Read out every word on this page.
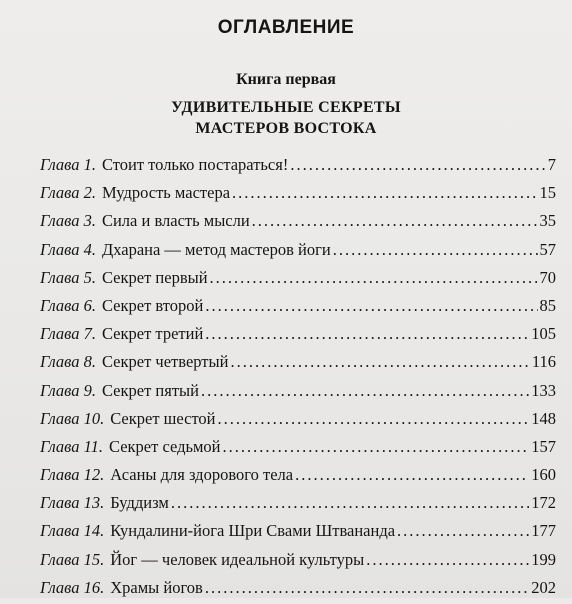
ОГЛАВЛЕНИЕ
Книга первая
УДИВИТЕЛЬНЫЕ СЕКРЕТЫ
МАСТЕРОВ ВОСТОКА
Глава 1. Стоит только постараться! .....	7
Глава 2. Мудрость мастера .....	15
Глава 3. Сила и власть мысли .....	35
Глава 4. Дхарана — метод мастеров йоги .....	57
Глава 5. Секрет первый .....	70
Глава 6. Секрет второй .....	85
Глава 7. Секрет третий .....	105
Глава 8. Секрет четвертый .....	116
Глава 9. Секрет пятый .....	133
Глава 10. Секрет шестой .....	148
Глава 11. Секрет седьмой .....	157
Глава 12. Асаны для здорового тела .....	160
Глава 13. Буддизм .....	172
Глава 14. Кундалини-йога Шри Свами Штвананда .....	177
Глава 15. Йог — человек идеальной культуры .....	199
Глава 16. Храмы йогов .....	202
